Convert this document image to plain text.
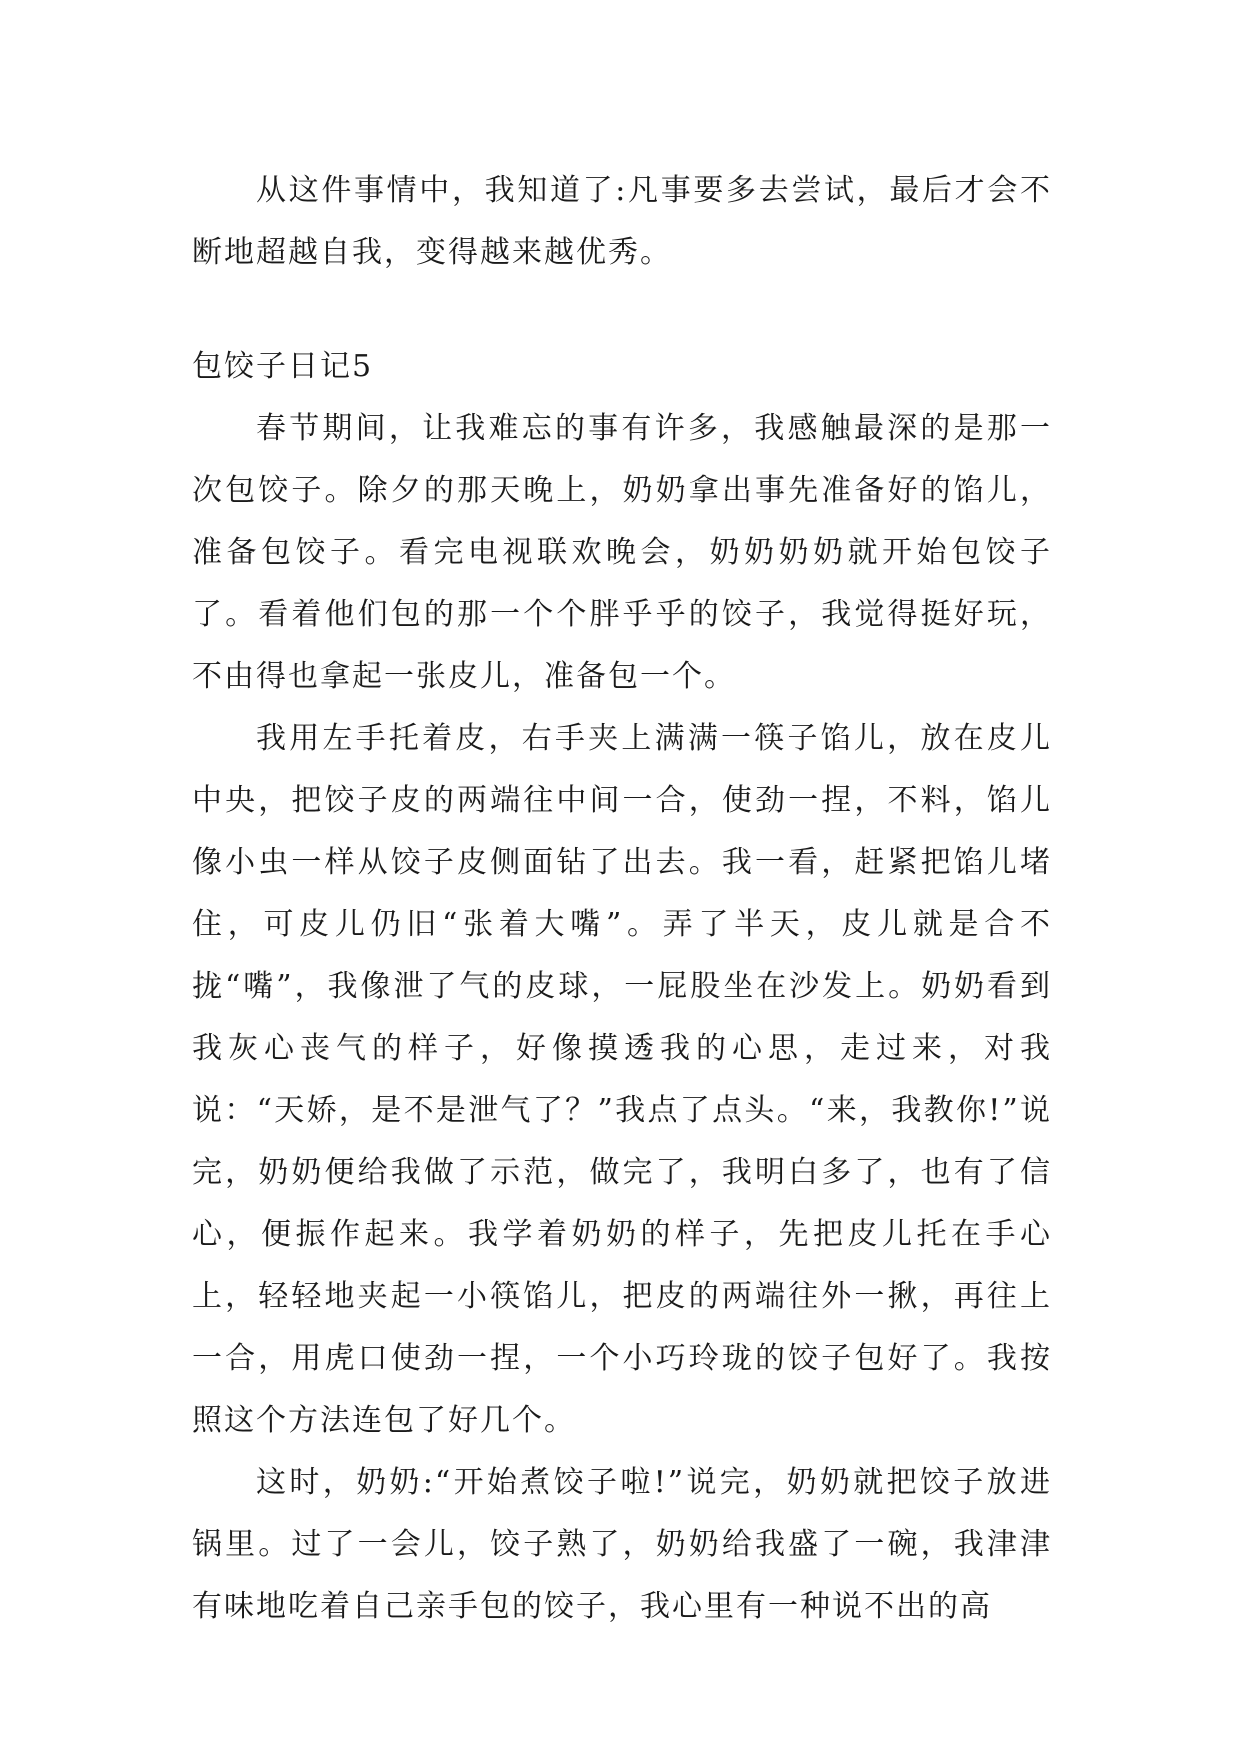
从这件事情中，我知道了:凡事要多去尝试，最后才会不断地超越自我，变得越来越优秀。

包饺子日记5

春节期间，让我难忘的事有许多，我感触最深的是那一次包饺子。除夕的那天晚上，奶奶拿出事先准备好的馅儿，准备包饺子。看完电视联欢晚会，奶奶奶奶就开始包饺子了。看着他们包的那一个个胖乎乎的饺子，我觉得挺好玩，不由得也拿起一张皮儿，准备包一个。

我用左手托着皮，右手夹上满满一筷子馅儿，放在皮儿中央，把饺子皮的两端往中间一合，使劲一捏，不料，馅儿像小虫一样从饺子皮侧面钻了出去。我一看，赶紧把馅儿堵住，可皮儿仍旧“张着大嘴”。弄了半天，皮儿就是合不拢“嘴”，我像泄了气的皮球，一屁股坐在沙发上。奶奶看到我灰心丧气的样子，好像摸透我的心思，走过来，对我说：“天娇，是不是泄气了？”我点了点头。“来，我教你!”说完，奶奶便给我做了示范，做完了，我明白多了，也有了信心，便振作起来。我学着奶奶的样子，先把皮儿托在手心上，轻轻地夹起一小筷馅儿，把皮的两端往外一揪，再往上一合，用虎口使劲一捏，一个小巧玲珑的饺子包好了。我按照这个方法连包了好几个。

这时，奶奶:“开始煮饺子啦!”说完，奶奶就把饺子放进锅里。过了一会儿，饺子熟了，奶奶给我盛了一碗，我津津有味地吃着自己亲手包的饺子，我心里有一种说不出的高
